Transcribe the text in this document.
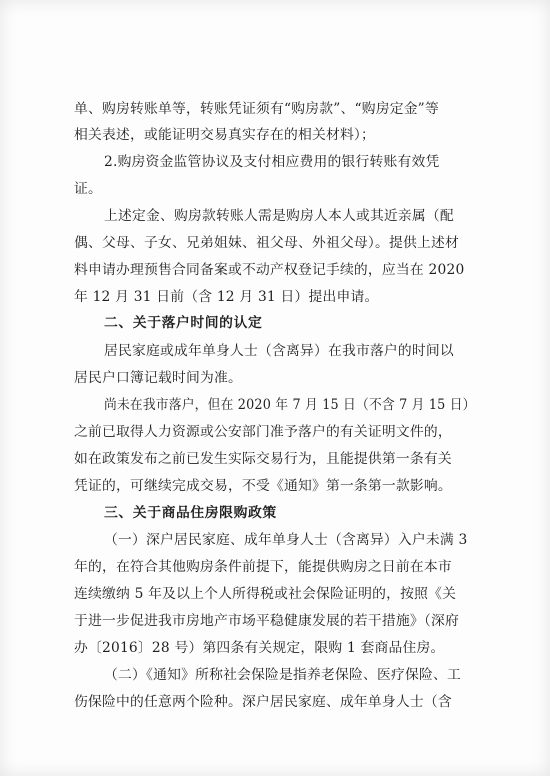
单、购房转账单等，转账凭证须有“购房款”、“购房定金”等
相关表述，或能证明交易真实存在的相关材料）；
2.购房资金监管协议及支付相应费用的银行转账有效凭
证。
上述定金、购房款转账人需是购房人本人或其近亲属（配
偶、父母、子女、兄弟姐妹、祖父母、外祖父母）。提供上述材
料申请办理预售合同备案或不动产权登记手续的，应当在 2020
年 12 月 31 日前（含 12 月 31 日）提出申请。
二、关于落户时间的认定
居民家庭或成年单身人士（含离异）在我市落户的时间以
居民户口簿记载时间为准。
尚未在我市落户，但在 2020 年 7 月 15 日（不含 7 月 15 日）
之前已取得人力资源或公安部门准予落户的有关证明文件的，
如在政策发布之前已发生实际交易行为，且能提供第一条有关
凭证的，可继续完成交易，不受《通知》第一条第一款影响。
三、关于商品住房限购政策
（一）深户居民家庭、成年单身人士（含离异）入户未满 3
年的，在符合其他购房条件前提下，能提供购房之日前在本市
连续缴纳 5 年及以上个人所得税或社会保险证明的，按照《关
于进一步促进我市房地产市场平稳健康发展的若干措施》（深府
办〔2016〕28 号）第四条有关规定，限购 1 套商品住房。
（二）《通知》所称社会保险是指养老保险、医疗保险、工
伤保险中的任意两个险种。深户居民家庭、成年单身人士（含
